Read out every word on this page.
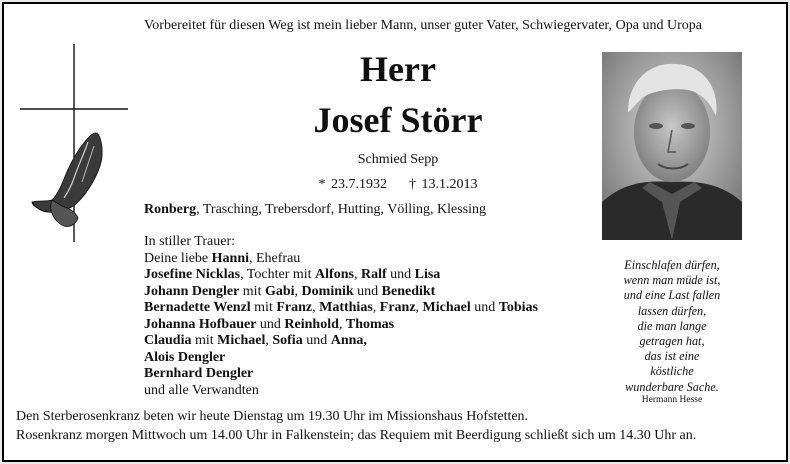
Vorbereitet für diesen Weg ist mein lieber Mann, unser guter Vater, Schwiegervater, Opa und Uropa
Herr
Josef Störr
Schmied Sepp
* 23.7.1932 † 13.1.2013
Ronberg, Trasching, Trebersdorf, Hutting, Völling, Klessing
In stiller Trauer:
Deine liebe Hanni, Ehefrau
Josefine Nicklas, Tochter mit Alfons, Ralf und Lisa
Johann Dengler mit Gabi, Dominik und Benedikt
Bernadette Wenzl mit Franz, Matthias, Franz, Michael und Tobias
Johanna Hofbauer und Reinhold, Thomas
Claudia mit Michael, Sofia und Anna,
Alois Dengler
Bernhard Dengler
und alle Verwandten
Einschlafen dürfen,
wenn man müde ist,
und eine Last fallen
lassen dürfen,
die man lange
getragen hat,
das ist eine
köstliche
wunderbare Sache.
Hermann Hesse
Den Sterberosenkranz beten wir heute Dienstag um 19.30 Uhr im Missionshaus Hofstetten.
Rosenkranz morgen Mittwoch um 14.00 Uhr in Falkenstein; das Requiem mit Beerdigung schließt sich um 14.30 Uhr an.
